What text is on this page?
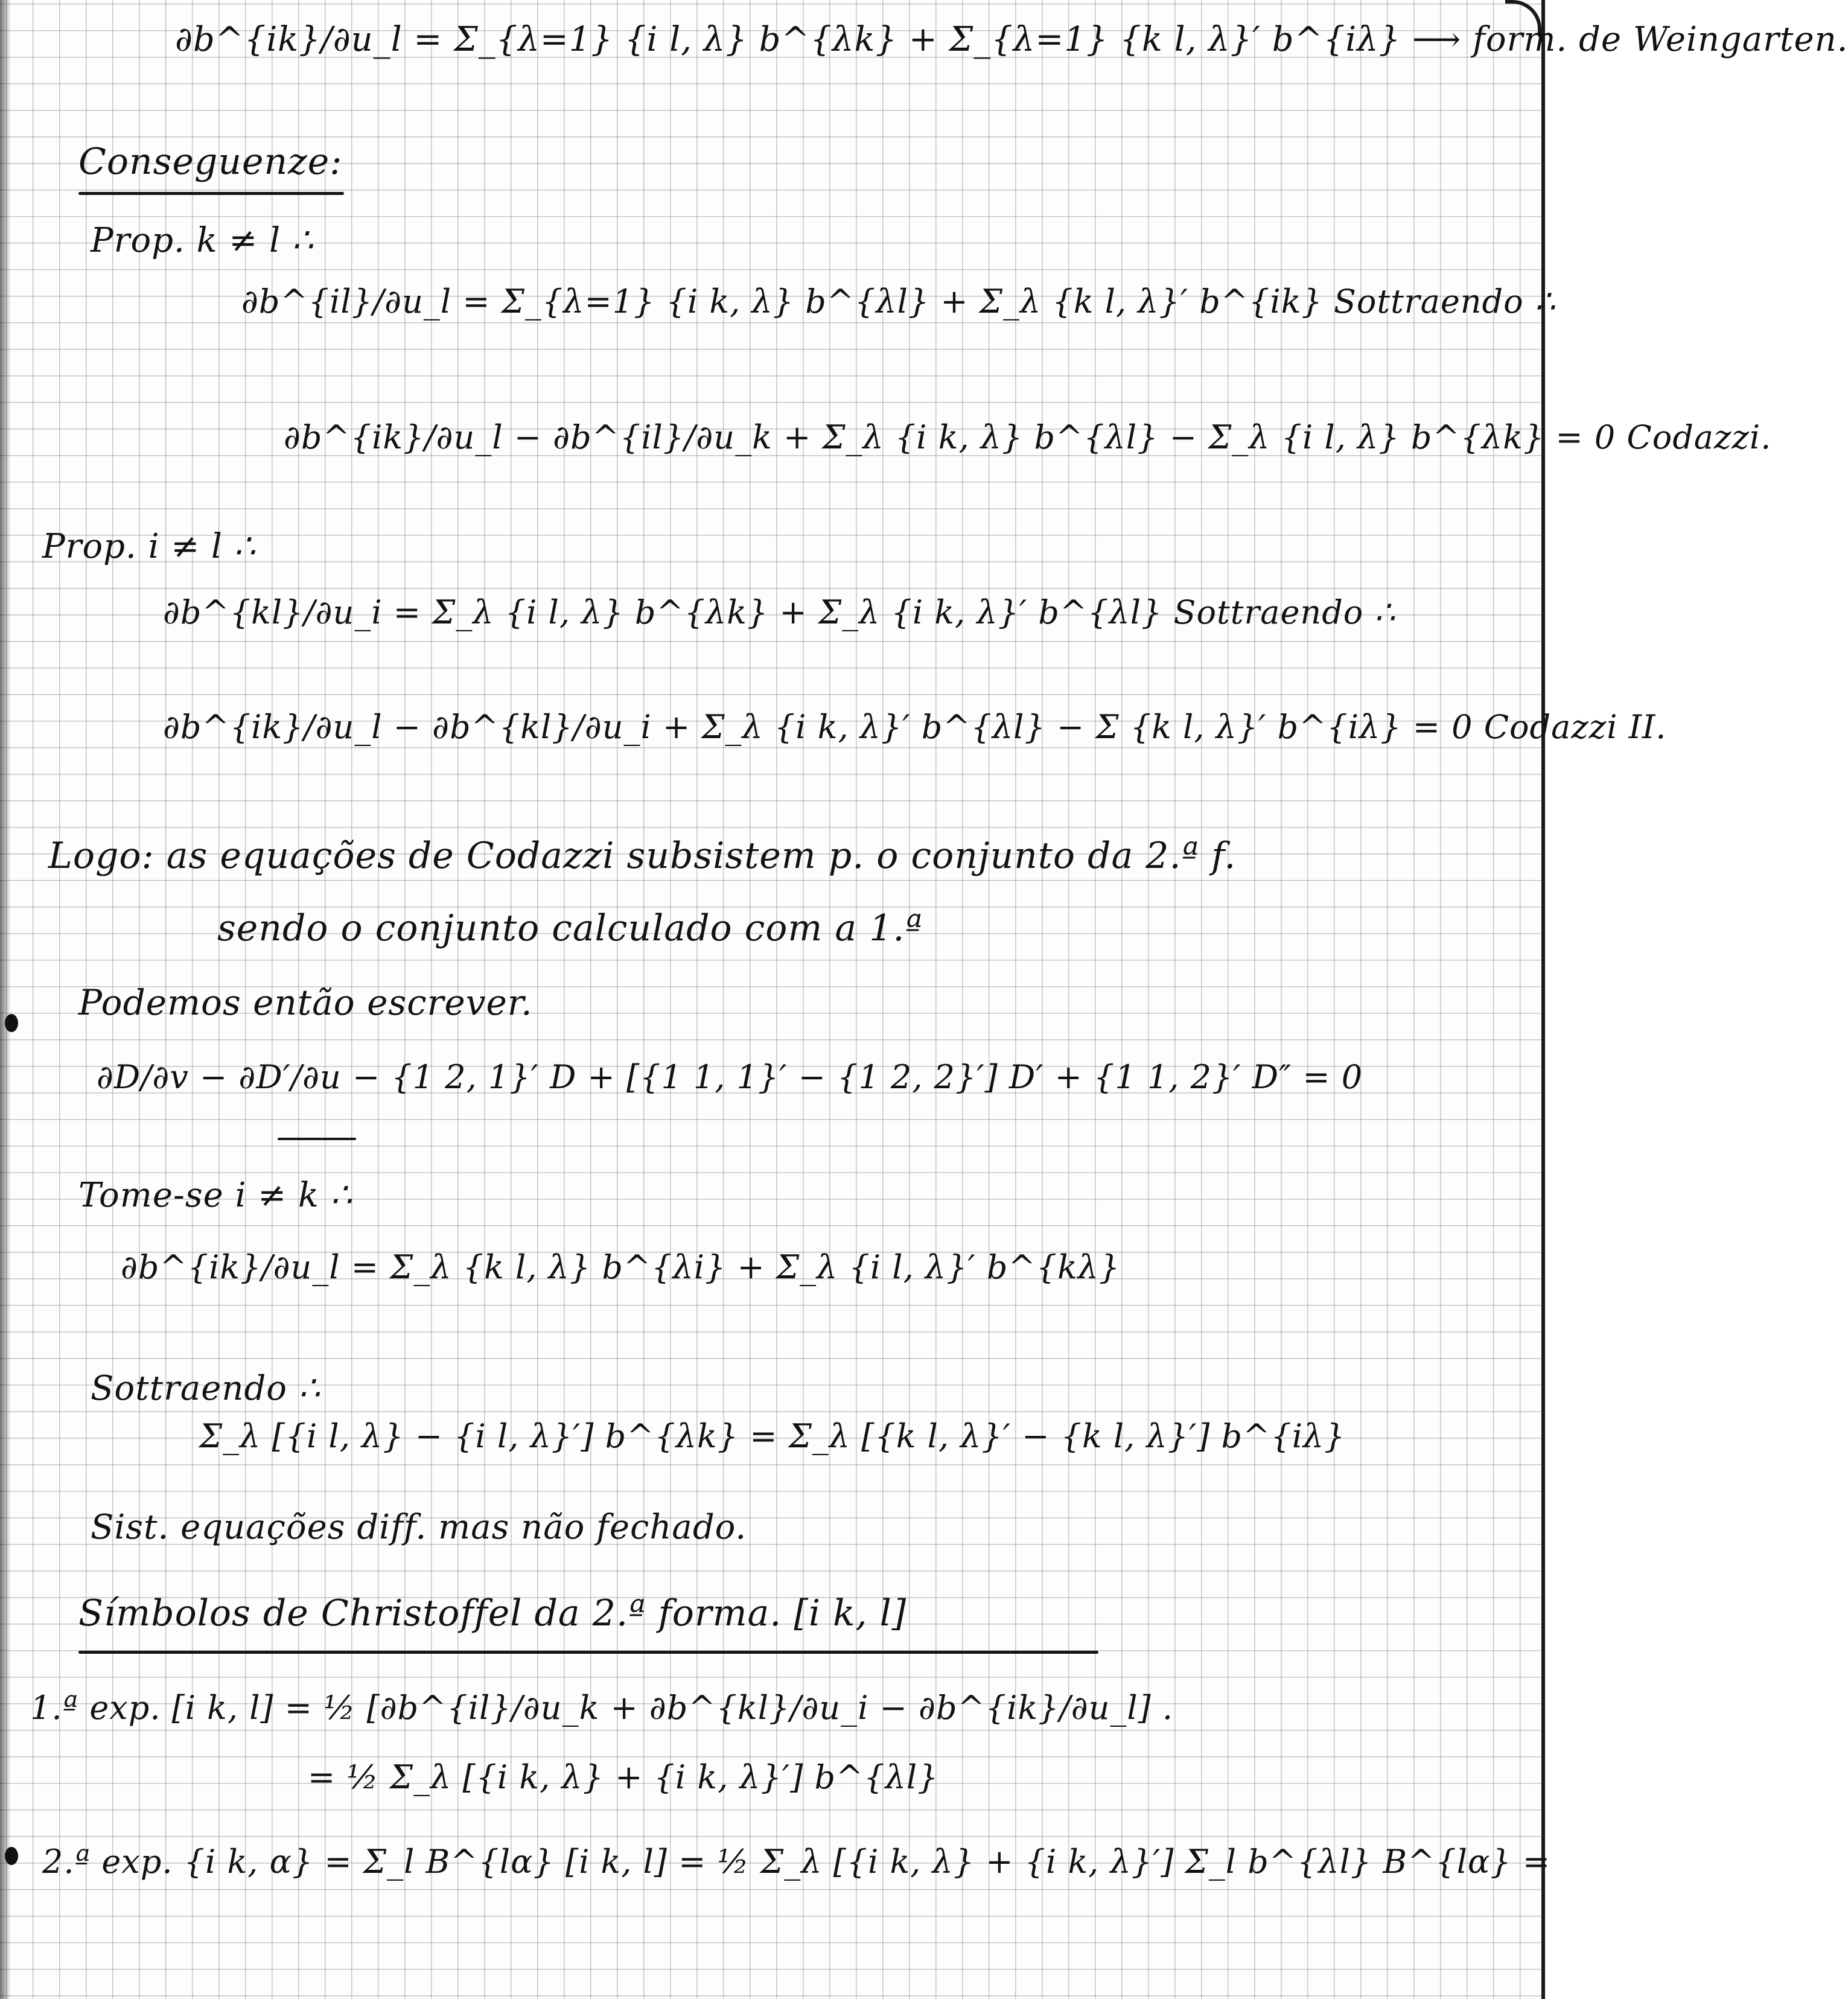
∂b^{ik}/∂u_l = Σ_{λ=1} {i l, λ} b^{λk} + Σ_{λ=1} {k l, λ}′ b^{iλ} ⟶ form. de Weingarten.
Conseguenze:
Prop. k ≠ l ∴
∂b^{il}/∂u_l = Σ_{λ=1} {i k, λ} b^{λl} + Σ_λ {k l, λ}′ b^{ik} Sottraendo ∴
∂b^{ik}/∂u_l − ∂b^{il}/∂u_k + Σ_λ {i k, λ} b^{λl} − Σ_λ {i l, λ} b^{λk} = 0 Codazzi.
Prop. i ≠ l ∴
∂b^{kl}/∂u_i = Σ_λ {i l, λ} b^{λk} + Σ_λ {i k, λ}′ b^{λl} Sottraendo ∴
∂b^{ik}/∂u_l − ∂b^{kl}/∂u_i + Σ_λ {i k, λ}′ b^{λl} − Σ {k l, λ}′ b^{iλ} = 0 Codazzi II.
Logo: as equações de Codazzi subsistem p. o conjunto da 2.ª f.
sendo o conjunto calculado com a 1.ª
Podemos então escrever.
∂D/∂v − ∂D′/∂u − {1 2, 1}′ D + [{1 1, 1}′ − {1 2, 2}′] D′ + {1 1, 2}′ D″ = 0
Tome-se i ≠ k ∴
∂b^{ik}/∂u_l = Σ_λ {k l, λ} b^{λi} + Σ_λ {i l, λ}′ b^{kλ}
Sottraendo ∴
Σ_λ [{i l, λ} − {i l, λ}′] b^{λk} = Σ_λ [{k l, λ}′ − {k l, λ}′] b^{iλ}
Sist. equações diff. mas não fechado.
Símbolos de Christoffel da 2.ª forma. [i k, l]
1.ª exp. [i k, l] = ½ [∂b^{il}/∂u_k + ∂b^{kl}/∂u_i − ∂b^{ik}/∂u_l] .
= ½ Σ_λ [{i k, λ} + {i k, λ}′] b^{λl}
2.ª exp. {i k, α} = Σ_l B^{lα} [i k, l] = ½ Σ_λ [{i k, λ} + {i k, λ}′] Σ_l b^{λl} B^{lα} =
